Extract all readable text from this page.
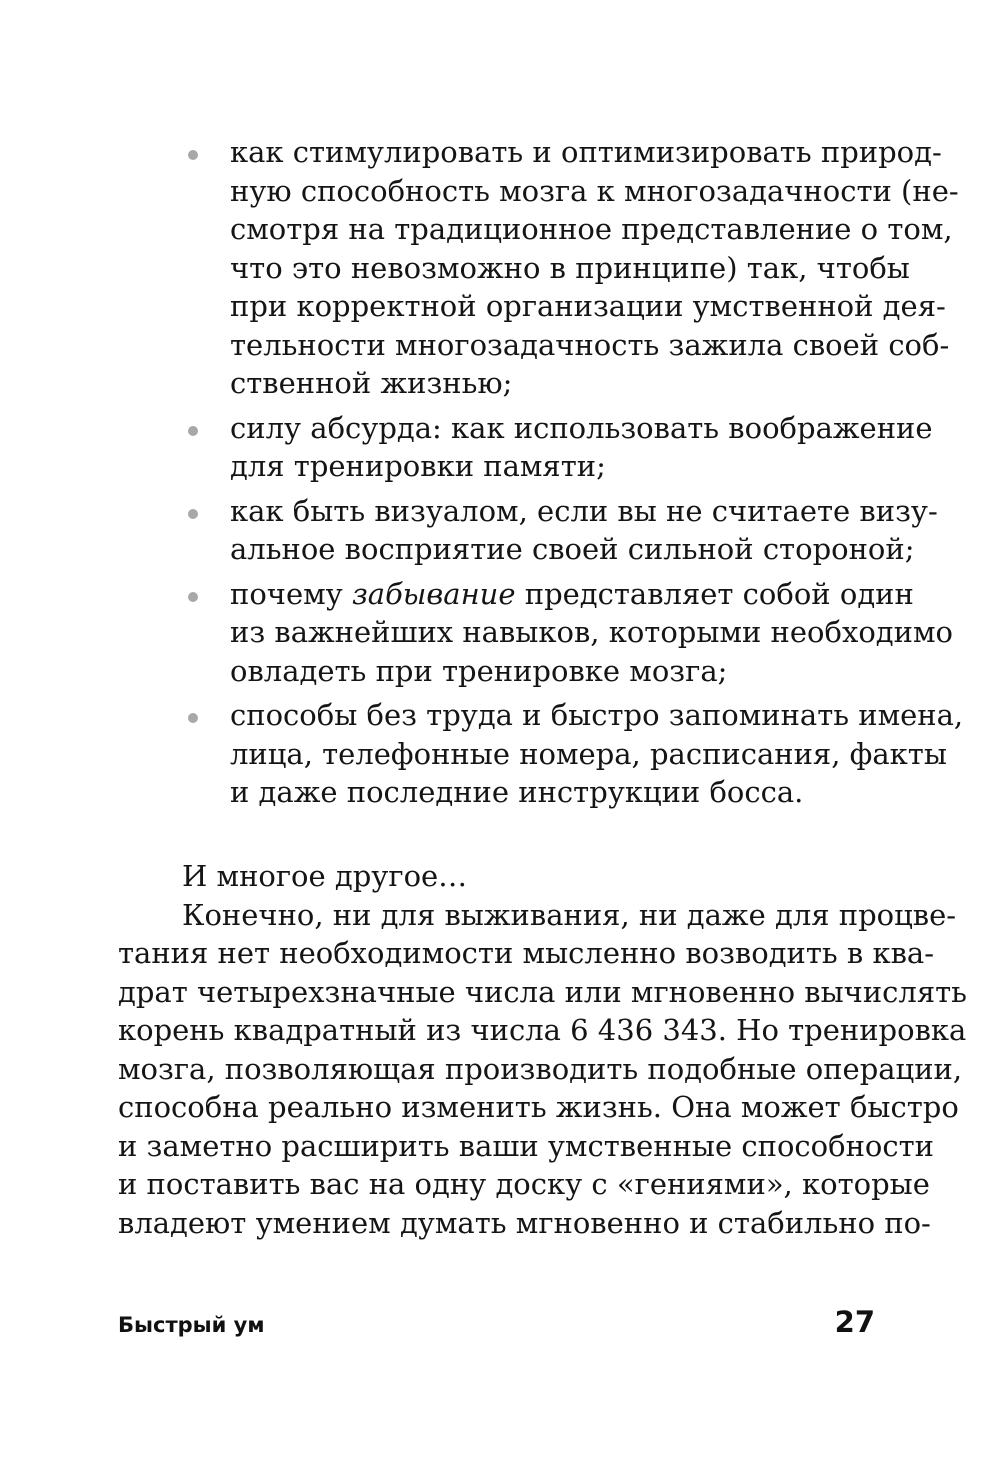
как стимулировать и оптимизировать природ-
ную способность мозга к многозадачности (не-
смотря на традиционное представление о том,
что это невозможно в принципе) так, чтобы
при корректной организации умственной дея-
тельности многозадачность зажила своей соб-
ственной жизнью;
силу абсурда: как использовать воображение
для тренировки памяти;
как быть визуалом, если вы не считаете визу-
альное восприятие своей сильной стороной;
почему забывание представляет собой один
из важнейших навыков, которыми необходимо
овладеть при тренировке мозга;
способы без труда и быстро запоминать имена,
лица, телефонные номера, расписания, факты
и даже последние инструкции босса.
И многое другое…
Конечно, ни для выживания, ни даже для процве-
тания нет необходимости мысленно возводить в ква-
драт четырехзначные числа или мгновенно вычислять
корень квадратный из числа 6 436 343. Но тренировка
мозга, позволяющая производить подобные операции,
способна реально изменить жизнь. Она может быстро
и заметно расширить ваши умственные способности
и поставить вас на одну доску с «гениями», которые
владеют умением думать мгновенно и стабильно по-
Быстрый ум	27
